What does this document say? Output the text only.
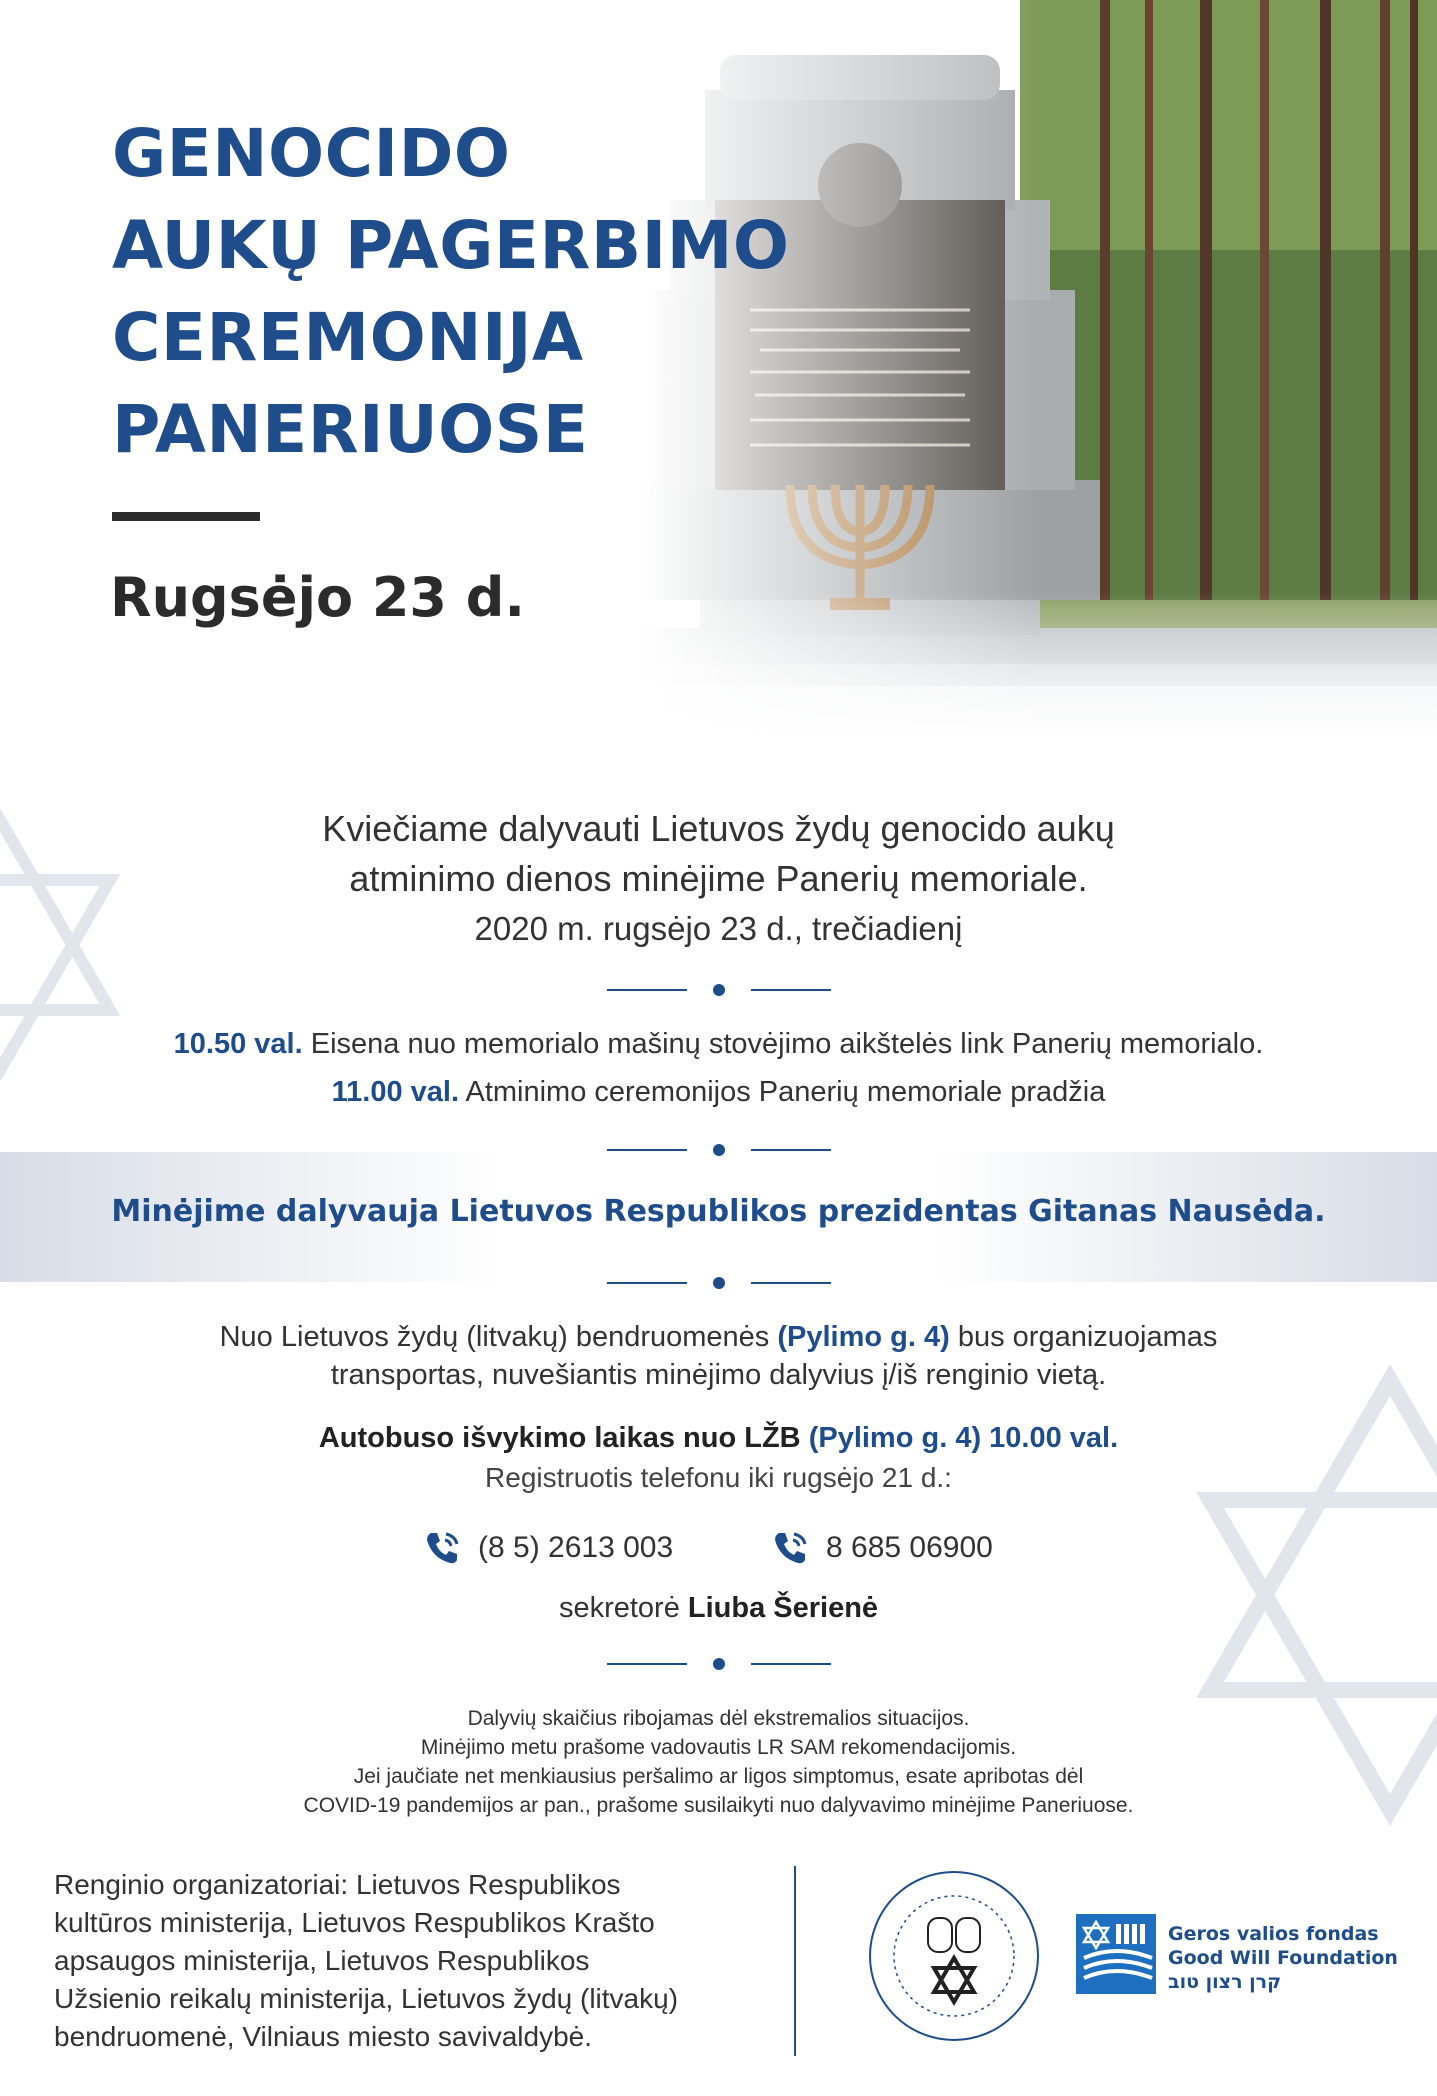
GENOCIDO
AUKŲ PAGERBIMO
CEREMONIJA
PANERIUOSE
Rugsėjo 23 d.
Kviečiame dalyvauti Lietuvos žydų genocido aukų
atminimo dienos minėjime Panerių memoriale.
2020 m. rugsėjo 23 d., trečiadienį
10.50 val. Eisena nuo memorialo mašinų stovėjimo aikštelės link Panerių memorialo.
11.00 val. Atminimo ceremonijos Panerių memoriale pradžia
Minėjime dalyvauja Lietuvos Respublikos prezidentas Gitanas Nausėda.
Nuo Lietuvos žydų (litvakų) bendruomenės (Pylimo g. 4) bus organizuojamas
transportas, nuvešiantis minėjimo dalyvius į/iš renginio vietą.
Autobuso išvykimo laikas nuo LŽB (Pylimo g. 4) 10.00 val.
Registruotis telefonu iki rugsėjo 21 d.:
(8 5) 2613 003	8 685 06900
sekretorė Liuba Šerienė
Dalyvių skaičius ribojamas dėl ekstremalios situacijos.
Minėjimo metu prašome vadovautis LR SAM rekomendacijomis.
Jei jaučiate net menkiausius peršalimo ar ligos simptomus, esate apribotas dėl
COVID-19 pandemijos ar pan., prašome susilaikyti nuo dalyvavimo minėjime Paneriuose.
Renginio organizatoriai: Lietuvos Respublikos
kultūros ministerija, Lietuvos Respublikos Krašto
apsaugos ministerija, Lietuvos Respublikos
Užsienio reikalų ministerija, Lietuvos žydų (litvakų)
bendruomenė, Vilniaus miesto savivaldybė.
Geros valios fondas
Good Will Foundation
קרן רצון טוב
